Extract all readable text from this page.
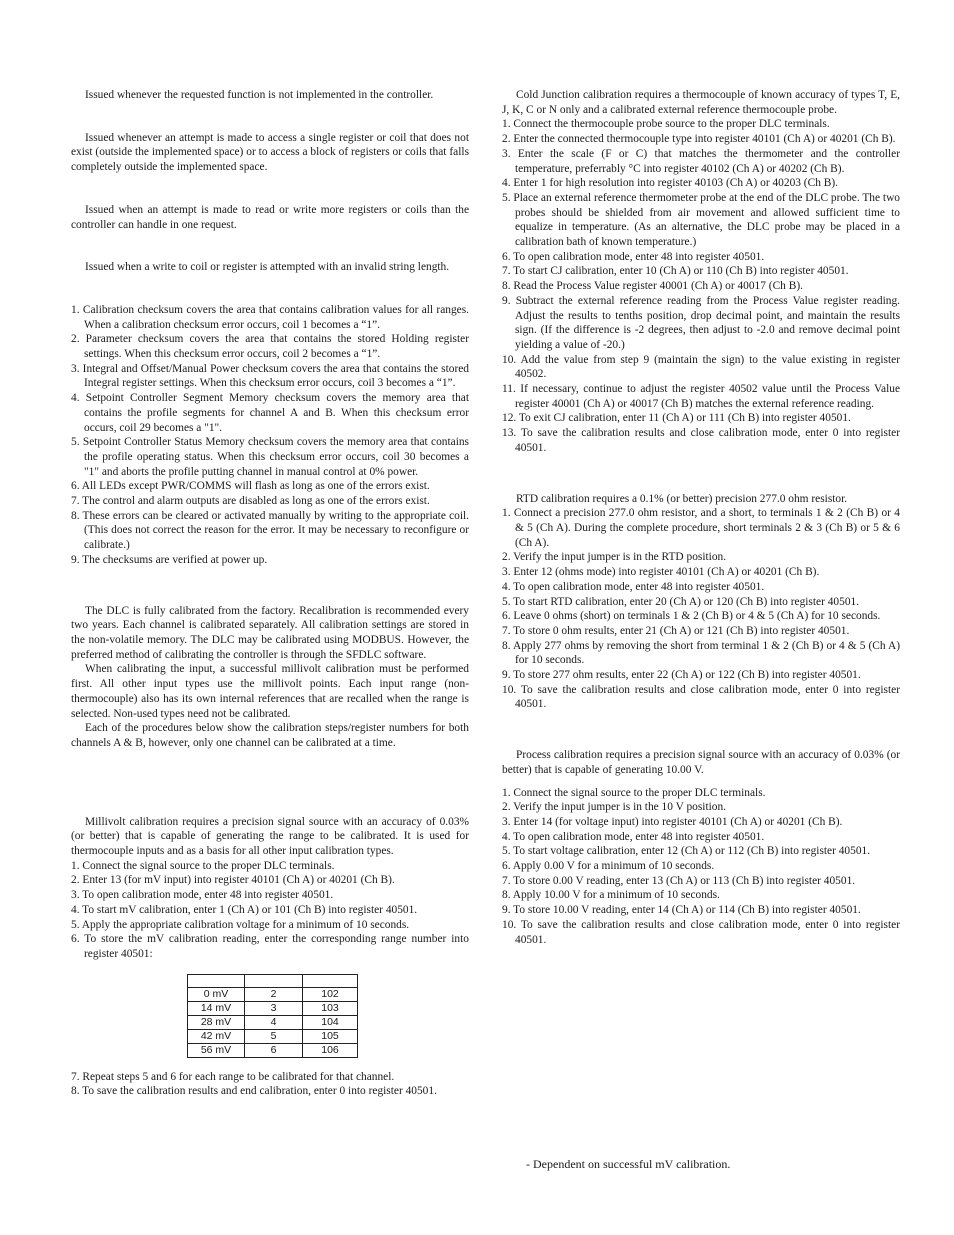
Issued whenever the requested function is not implemented in the controller.

Issued whenever an attempt is made to access a single register or coil that does not exist (outside the implemented space) or to access a block of registers or coils that falls completely outside the implemented space.

Issued when an attempt is made to read or write more registers or coils than the controller can handle in one request.

Issued when a write to coil or register is attempted with an invalid string length.

1. Calibration checksum covers the area that contains calibration values for all ranges. When a calibration checksum error occurs, coil 1 becomes a “1”.
2. Parameter checksum covers the area that contains the stored Holding register settings. When this checksum error occurs, coil 2 becomes a “1”.
3. Integral and Offset/Manual Power checksum covers the area that contains the stored Integral register settings. When this checksum error occurs, coil 3 becomes a “1”.
4. Setpoint Controller Segment Memory checksum covers the memory area that contains the profile segments for channel A and B. When this checksum error occurs, coil 29 becomes a "1".
5. Setpoint Controller Status Memory checksum covers the memory area that contains the profile operating status. When this checksum error occurs, coil 30 becomes a "1" and aborts the profile putting channel in manual control at 0% power.
6. All LEDs except PWR/COMMS will flash as long as one of the errors exist.
7. The control and alarm outputs are disabled as long as one of the errors exist.
8. These errors can be cleared or activated manually by writing to the appropriate coil. (This does not correct the reason for the error. It may be necessary to reconfigure or calibrate.)
9. The checksums are verified at power up.

The DLC is fully calibrated from the factory. Recalibration is recommended every two years. Each channel is calibrated separately. All calibration settings are stored in the non-volatile memory. The DLC may be calibrated using MODBUS. However, the preferred method of calibrating the controller is through the SFDLC software.

When calibrating the input, a successful millivolt calibration must be performed first. All other input types use the millivolt points. Each input range (non-thermocouple) also has its own internal references that are recalled when the range is selected. Non-used types need not be calibrated.

Each of the procedures below show the calibration steps/register numbers for both channels A & B, however, only one channel can be calibrated at a time.

Millivolt calibration requires a precision signal source with an accuracy of 0.03% (or better) that is capable of generating the range to be calibrated. It is used for thermocouple inputs and as a basis for all other input calibration types.

1. Connect the signal source to the proper DLC terminals.
2. Enter 13 (for mV input) into register 40101 (Ch A) or 40201 (Ch B).
3. To open calibration mode, enter 48 into register 40501.
4. To start mV calibration, enter 1 (Ch A) or 101 (Ch B) into register 40501.
5. Apply the appropriate calibration voltage for a minimum of 10 seconds.
6. To store the mV calibration reading, enter the corresponding range number into register 40501:

0 mV	2	102
14 mV	3	103
28 mV	4	104
42 mV	5	105
56 mV	6	106
7. Repeat steps 5 and 6 for each range to be calibrated for that channel.
8. To save the calibration results and end calibration, enter 0 into register 40501.

Cold Junction calibration requires a thermocouple of known accuracy of types T, E, J, K, C or N only and a calibrated external reference thermocouple probe.

1. Connect the thermocouple probe source to the proper DLC terminals.
2. Enter the connected thermocouple type into register 40101 (Ch A) or 40201 (Ch B).
3. Enter the scale (F or C) that matches the thermometer and the controller temperature, preferrably °C into register 40102 (Ch A) or 40202 (Ch B).
4. Enter 1 for high resolution into register 40103 (Ch A) or 40203 (Ch B).
5. Place an external reference thermometer probe at the end of the DLC probe. The two probes should be shielded from air movement and allowed sufficient time to equalize in temperature. (As an alternative, the DLC probe may be placed in a calibration bath of known temperature.)
6. To open calibration mode, enter 48 into register 40501.
7. To start CJ calibration, enter 10 (Ch A) or 110 (Ch B) into register 40501.
8. Read the Process Value register 40001 (Ch A) or 40017 (Ch B).
9. Subtract the external reference reading from the Process Value register reading. Adjust the results to tenths position, drop decimal point, and maintain the results sign. (If the difference is -2 degrees, then adjust to -2.0 and remove decimal point yielding a value of -20.)
10. Add the value from step 9 (maintain the sign) to the value existing in register 40502.
11. If necessary, continue to adjust the register 40502 value until the Process Value register 40001 (Ch A) or 40017 (Ch B) matches the external reference reading.
12. To exit CJ calibration, enter 11 (Ch A) or 111 (Ch B) into register 40501.
13. To save the calibration results and close calibration mode, enter 0 into register 40501.

RTD calibration requires a 0.1% (or better) precision 277.0 ohm resistor.

1. Connect a precision 277.0 ohm resistor, and a short, to terminals 1 & 2 (Ch B) or 4 & 5 (Ch A). During the complete procedure, short terminals 2 & 3 (Ch B) or 5 & 6 (Ch A).
2. Verify the input jumper is in the RTD position.
3. Enter 12 (ohms mode) into register 40101 (Ch A) or 40201 (Ch B).
4. To open calibration mode, enter 48 into register 40501.
5. To start RTD calibration, enter 20 (Ch A) or 120 (Ch B) into register 40501.
6. Leave 0 ohms (short) on terminals 1 & 2 (Ch B) or 4 & 5 (Ch A) for 10 seconds.
7. To store 0 ohm results, enter 21 (Ch A) or 121 (Ch B) into register 40501.
8. Apply 277 ohms by removing the short from terminal 1 & 2 (Ch B) or 4 & 5 (Ch A) for 10 seconds.
9. To store 277 ohm results, enter 22 (Ch A) or 122 (Ch B) into register 40501.
10. To save the calibration results and close calibration mode, enter 0 into register 40501.

Process calibration requires a precision signal source with an accuracy of 0.03% (or better) that is capable of generating 10.00 V.

1. Connect the signal source to the proper DLC terminals.
2. Verify the input jumper is in the 10 V position.
3. Enter 14 (for voltage input) into register 40101 (Ch A) or 40201 (Ch B).
4. To open calibration mode, enter 48 into register 40501.
5. To start voltage calibration, enter 12 (Ch A) or 112 (Ch B) into register 40501.
6. Apply 0.00 V for a minimum of 10 seconds.
7. To store 0.00 V reading, enter 13 (Ch A) or 113 (Ch B) into register 40501.
8. Apply 10.00 V for a minimum of 10 seconds.
9. To store 10.00 V reading, enter 14 (Ch A) or 114 (Ch B) into register 40501.
10. To save the calibration results and close calibration mode, enter 0 into register 40501.
- Dependent on successful mV calibration.
